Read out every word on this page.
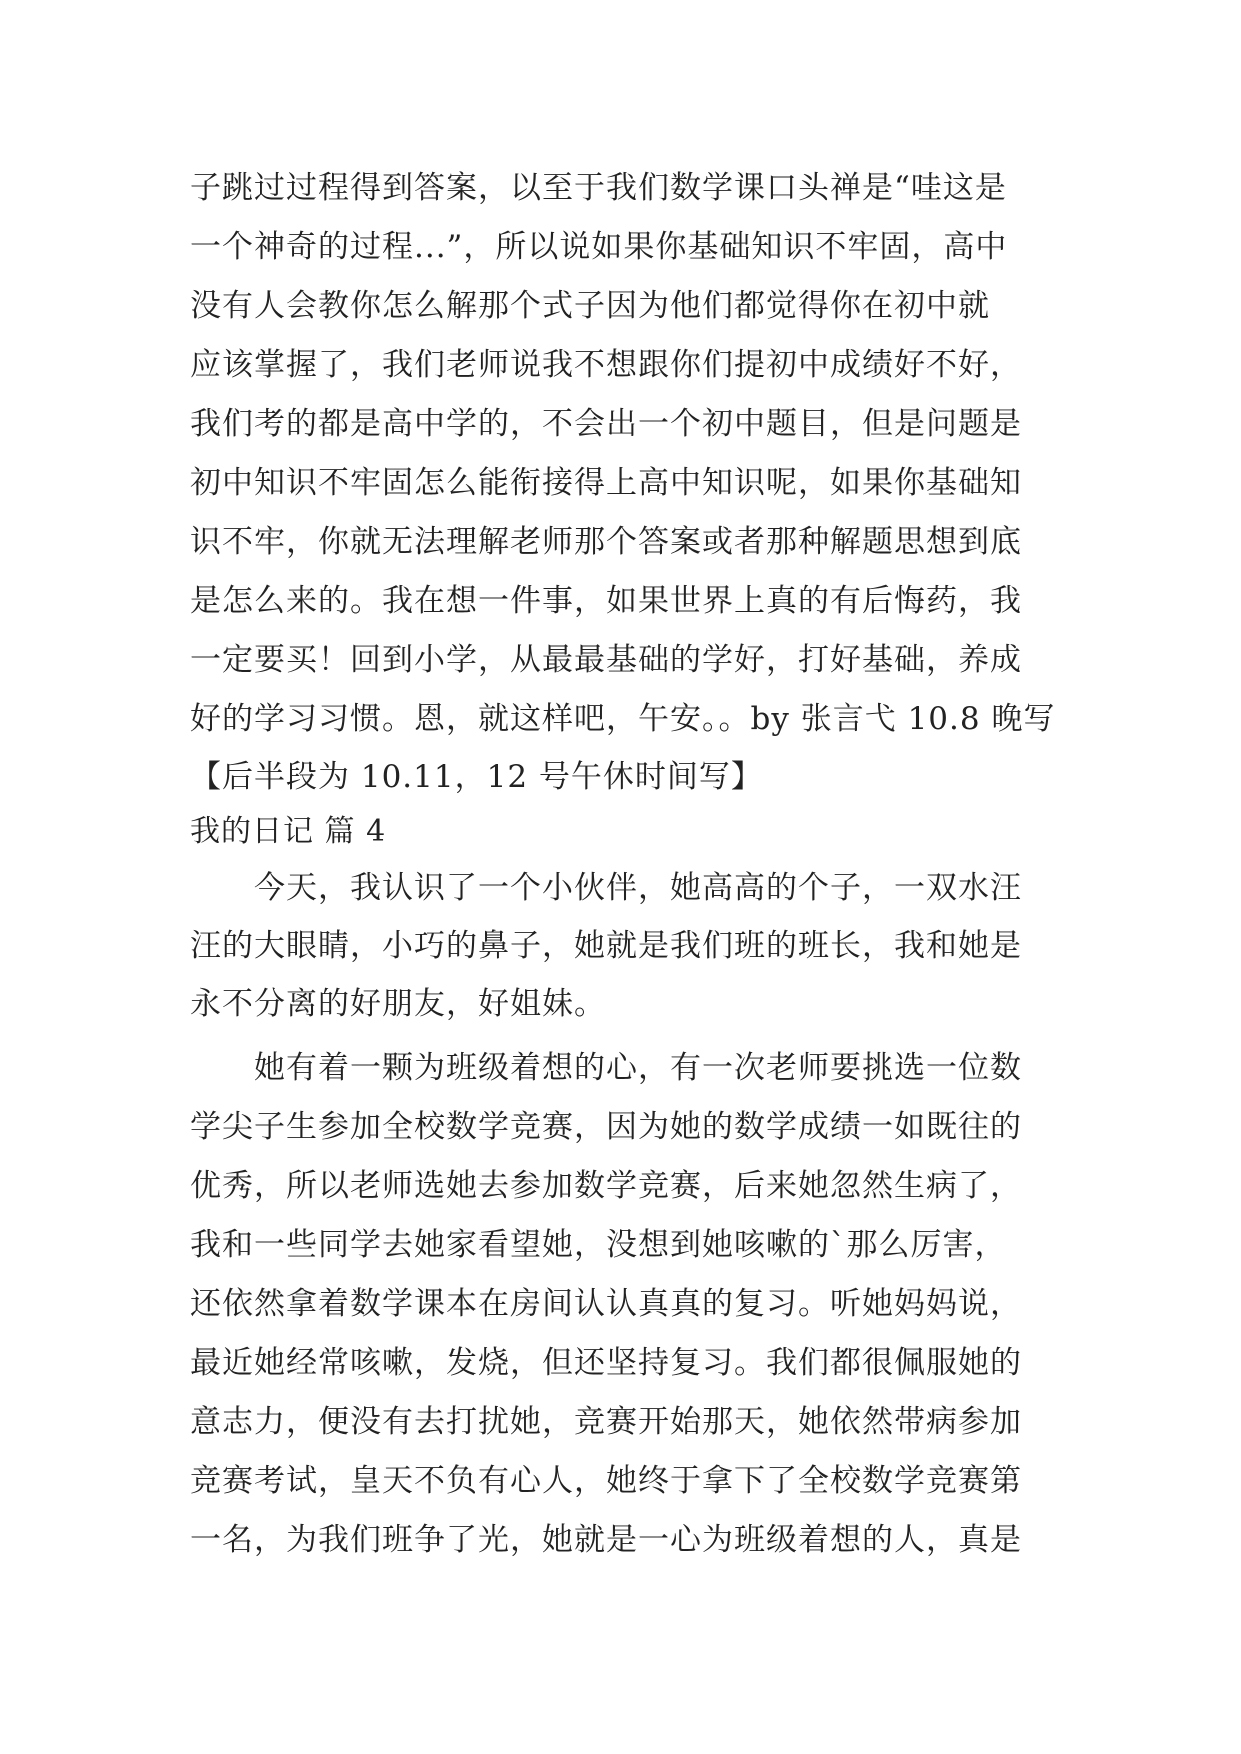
子跳过过程得到答案，以至于我们数学课口头禅是“哇这是
一个神奇的过程...”，所以说如果你基础知识不牢固，高中
没有人会教你怎么解那个式子因为他们都觉得你在初中就
应该掌握了，我们老师说我不想跟你们提初中成绩好不好，
我们考的都是高中学的，不会出一个初中题目，但是问题是
初中知识不牢固怎么能衔接得上高中知识呢，如果你基础知
识不牢，你就无法理解老师那个答案或者那种解题思想到底
是怎么来的。我在想一件事，如果世界上真的有后悔药，我
一定要买！回到小学，从最最基础的学好，打好基础，养成
好的学习习惯。恩，就这样吧，午安。。by 张言弋 10.8 晚写
【后半段为 10.11，12 号午休时间写】
我的日记 篇 4
　　今天，我认识了一个小伙伴，她高高的个子，一双水汪
汪的大眼睛，小巧的鼻子，她就是我们班的班长，我和她是
永不分离的好朋友，好姐妹。
　　她有着一颗为班级着想的心，有一次老师要挑选一位数
学尖子生参加全校数学竞赛，因为她的数学成绩一如既往的
优秀，所以老师选她去参加数学竞赛，后来她忽然生病了，
我和一些同学去她家看望她，没想到她咳嗽的`那么厉害，
还依然拿着数学课本在房间认认真真的复习。听她妈妈说，
最近她经常咳嗽，发烧，但还坚持复习。我们都很佩服她的
意志力，便没有去打扰她，竞赛开始那天，她依然带病参加
竞赛考试，皇天不负有心人，她终于拿下了全校数学竞赛第
一名，为我们班争了光，她就是一心为班级着想的人，真是
